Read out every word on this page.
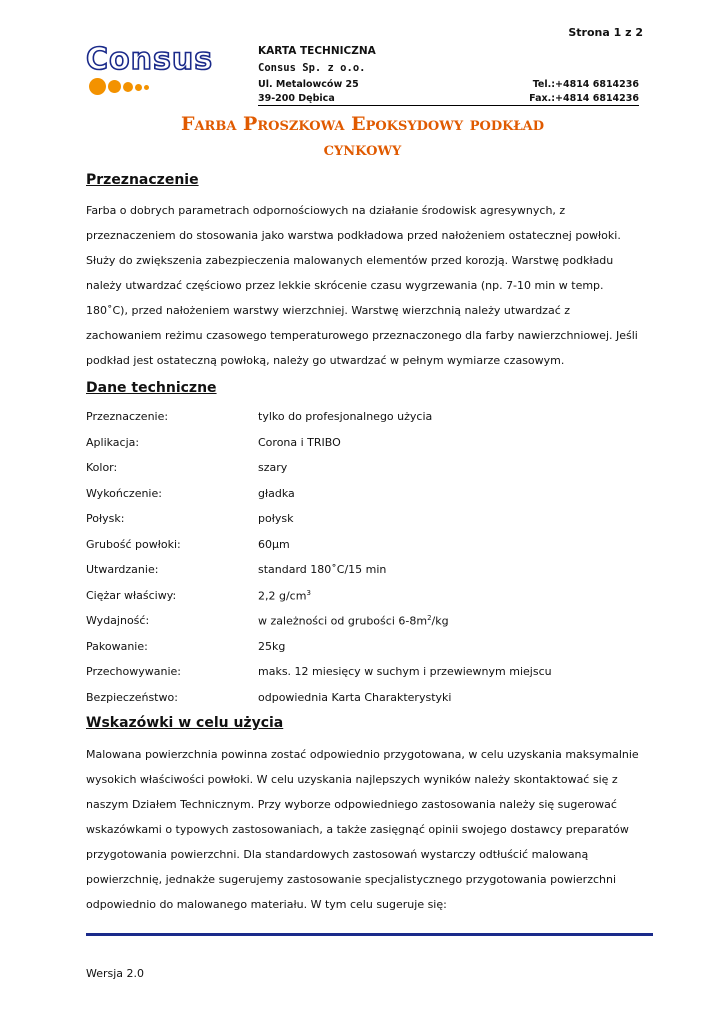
Strona 1 z 2
Consus	KARTA TECHNICZNA
Consus Sp. z o.o.
Ul. Metalowców 25
39-200 Dębica
Tel.:+4814 6814236
Fax.:+4814 6814236
Farba Proszkowa Epoksydowy podkład
cynkowy
Przeznaczenie

Farba o dobrych parametrach odpornościowych na działanie środowisk agresywnych, z przeznaczeniem do stosowania jako warstwa podkładowa przed nałożeniem ostatecznej powłoki. Służy do zwiększenia zabezpieczenia malowanych elementów przed korozją. Warstwę podkładu należy utwardzać częściowo przez lekkie skrócenie czasu wygrzewania (np. 7-10 min w temp. 180˚C), przed nałożeniem warstwy wierzchniej. Warstwę wierzchnią należy utwardzać z zachowaniem reżimu czasowego temperaturowego przeznaczonego dla farby nawierzchniowej. Jeśli podkład jest ostateczną powłoką, należy go utwardzać w pełnym wymiarze czasowym.

Dane techniczne
Przeznaczenie:	tylko do profesjonalnego użycia
Aplikacja:	Corona i TRIBO
Kolor:	szary
Wykończenie:	gładka
Połysk:	połysk
Grubość powłoki:	60μm
Utwardzanie:	standard 180˚C/15 min
Ciężar właściwy:	2,2 $g/cm^3$
Wydajność:	w zależności od grubości $6-8m^2/kg$
Pakowanie:	25kg
Przechowywanie:	maks. 12 miesięcy w suchym i przewiewnym miejscu
Bezpieczeństwo:	odpowiednia Karta Charakterystyki
Wskazówki w celu użycia

Malowana powierzchnia powinna zostać odpowiednio przygotowana, w celu uzyskania maksymalnie wysokich właściwości powłoki. W celu uzyskania najlepszych wyników należy skontaktować się z naszym Działem Technicznym. Przy wyborze odpowiedniego zastosowania należy się sugerować wskazówkami o typowych zastosowaniach, a także zasięgnąć opinii swojego dostawcy preparatów przygotowania powierzchni. Dla standardowych zastosowań wystarczy odtłuścić malowaną powierzchnię, jednakże sugerujemy zastosowanie specjalistycznego przygotowania powierzchni odpowiednio do malowanego materiału. W tym celu sugeruje się:

Wersja 2.0
